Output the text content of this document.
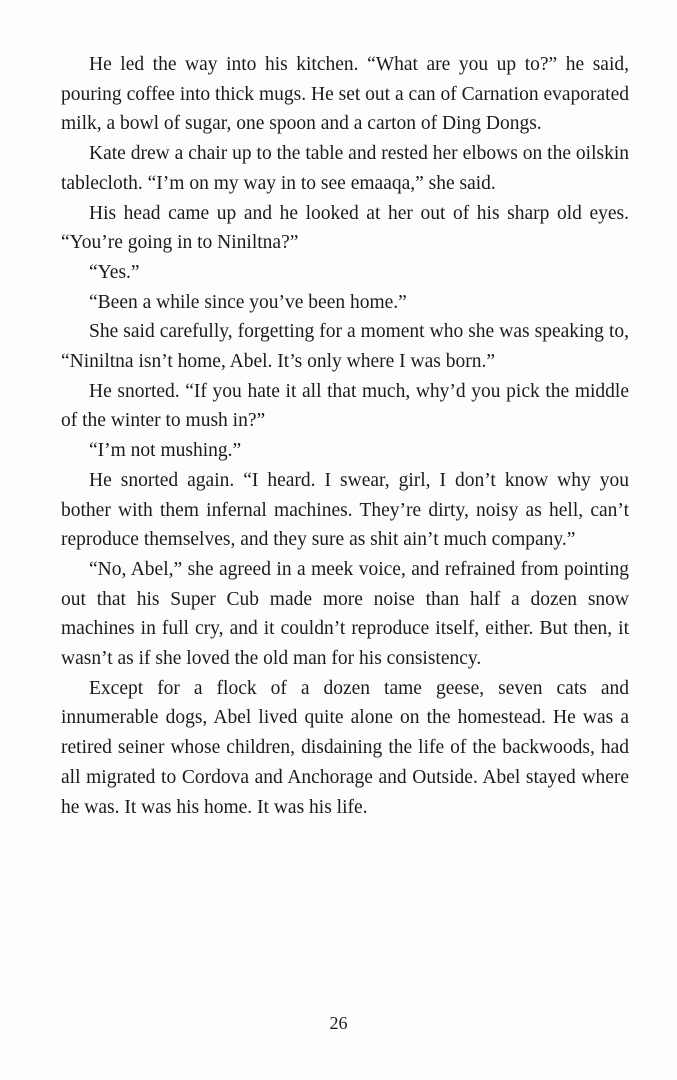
He led the way into his kitchen. “What are you up to?” he said, pouring coffee into thick mugs. He set out a can of Carnation evaporated milk, a bowl of sugar, one spoon and a carton of Ding Dongs.

Kate drew a chair up to the table and rested her elbows on the oilskin tablecloth. “I’m on my way in to see emaaqa,” she said.

His head came up and he looked at her out of his sharp old eyes. “You’re going in to Niniltna?”

“Yes.”

“Been a while since you’ve been home.”

She said carefully, forgetting for a moment who she was speaking to, “Niniltna isn’t home, Abel. It’s only where I was born.”

He snorted. “If you hate it all that much, why’d you pick the middle of the winter to mush in?”

“I’m not mushing.”

He snorted again. “I heard. I swear, girl, I don’t know why you bother with them infernal machines. They’re dirty, noisy as hell, can’t reproduce themselves, and they sure as shit ain’t much company.”

“No, Abel,” she agreed in a meek voice, and refrained from pointing out that his Super Cub made more noise than half a dozen snow machines in full cry, and it couldn’t reproduce itself, either. But then, it wasn’t as if she loved the old man for his consistency.

Except for a flock of a dozen tame geese, seven cats and innumerable dogs, Abel lived quite alone on the homestead. He was a retired seiner whose children, disdaining the life of the backwoods, had all migrated to Cordova and Anchorage and Outside. Abel stayed where he was. It was his home. It was his life.

26
